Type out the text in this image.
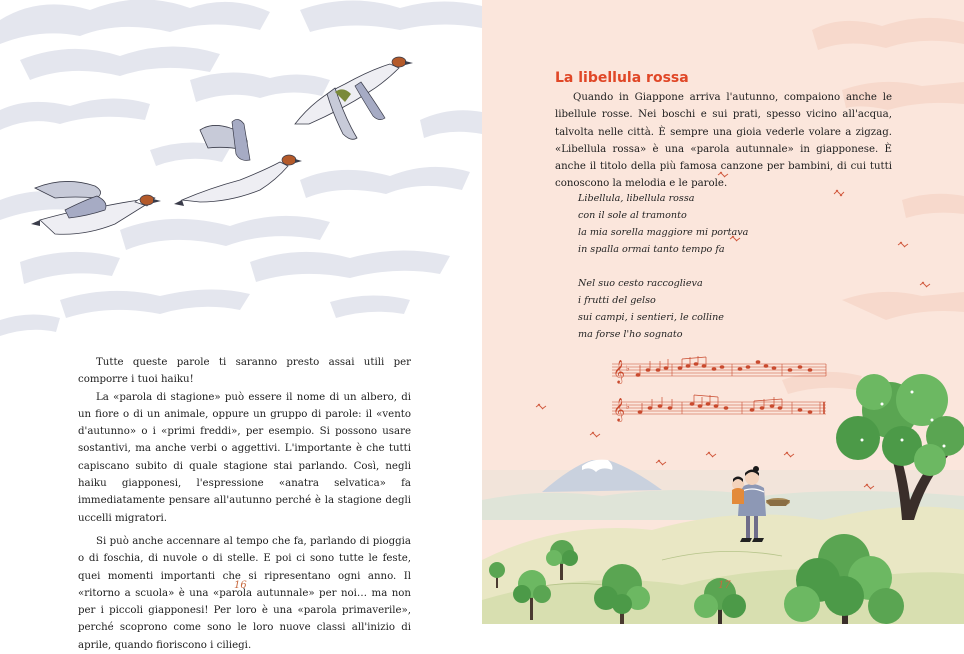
Tutte queste parole ti saranno presto assai utili per comporre i tuoi haiku!

La «parola di stagione» può essere il nome di un albero, di un fiore o di un animale, oppure un gruppo di parole: il «vento d'autunno» o i «primi freddi», per esempio. Si possono usare sostantivi, ma anche verbi o aggettivi. L'importante è che tutti capiscano subito di quale stagione stai parlando. Così, negli haiku giapponesi, l'espressione «anatra selvatica» fa immediatamente pensare all'autunno perché è la stagione degli uccelli migratori.

Si può anche accennare al tempo che fa, parlando di pioggia o di foschia, di nuvole o di stelle. E poi ci sono tutte le feste, quei momenti importanti che si ripresentano ogni anno. Il «ritorno a scuola» è una «parola autunnale» per noi… ma non per i piccoli giapponesi! Per loro è una «parola primaverile», perché scoprono come sono le loro nuove classi all'inizio di aprile, quando fioriscono i ciliegi.

16
La libellula rossa

Quando in Giappone arriva l'autunno, compaiono anche le libellule rosse. Nei boschi e sui prati, spesso vicino all'acqua, talvolta nelle città. È sempre una gioia vederle volare a zigzag. «Libellula rossa» è una «parola autunnale» in giapponese. È anche il titolo della più famosa canzone per bambini, di cui tutti conoscono la melodia e le parole.

Libellula, libellula rossa
con il sole al tramonto
la mia sorella maggiore mi portava
in spalla ormai tanto tempo fa
Nel suo cesto raccoglieva
i frutti del gelso
sui campi, i sentieri, le colline
ma forse l'ho sognato
𝄞
𝄞
♭
♭
17
